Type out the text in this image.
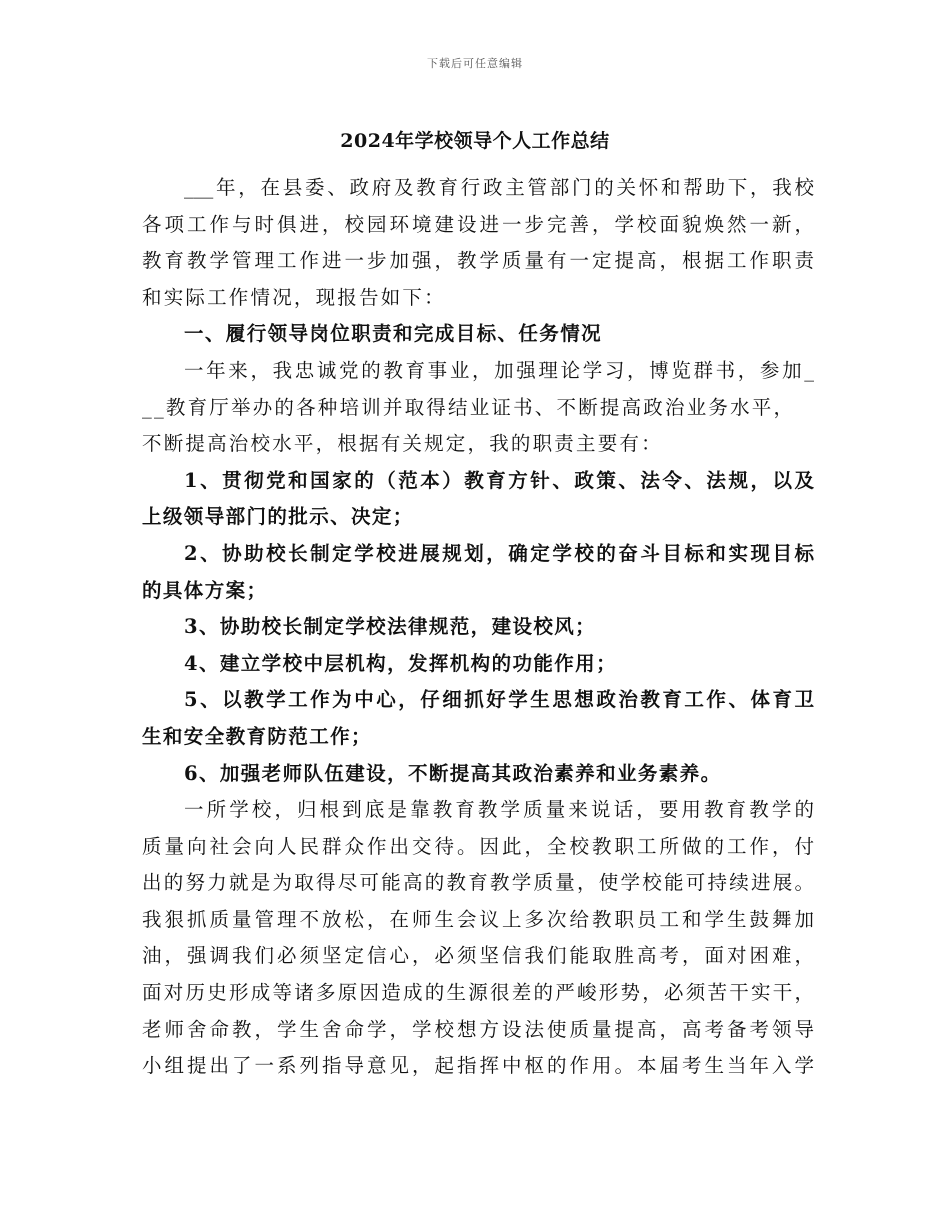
下载后可任意编辑
2024年学校领导个人工作总结
___年，在县委、政府及教育行政主管部门的关怀和帮助下，我校
各项工作与时俱进，校园环境建设进一步完善，学校面貌焕然一新，
教育教学管理工作进一步加强，教学质量有一定提高，根据工作职责
和实际工作情况，现报告如下：
一、履行领导岗位职责和完成目标、任务情况
一年来，我忠诚党的教育事业，加强理论学习，博览群书，参加_
__教育厅举办的各种培训并取得结业证书、不断提高政治业务水平，
不断提高治校水平，根据有关规定，我的职责主要有：
1、贯彻党和国家的（范本）教育方针、政策、法令、法规，以及
上级领导部门的批示、决定；
2、协助校长制定学校进展规划，确定学校的奋斗目标和实现目标
的具体方案；
3、协助校长制定学校法律规范，建设校风；
4、建立学校中层机构，发挥机构的功能作用；
5、以教学工作为中心，仔细抓好学生思想政治教育工作、体育卫
生和安全教育防范工作；
6、加强老师队伍建设，不断提高其政治素养和业务素养。
一所学校，归根到底是靠教育教学质量来说话，要用教育教学的
质量向社会向人民群众作出交待。因此，全校教职工所做的工作，付
出的努力就是为取得尽可能高的教育教学质量，使学校能可持续进展。
我狠抓质量管理不放松，在师生会议上多次给教职员工和学生鼓舞加
油，强调我们必须坚定信心，必须坚信我们能取胜高考，面对困难，
面对历史形成等诸多原因造成的生源很差的严峻形势，必须苦干实干，
老师舍命教，学生舍命学，学校想方设法使质量提高，高考备考领导
小组提出了一系列指导意见，起指挥中枢的作用。本届考生当年入学
